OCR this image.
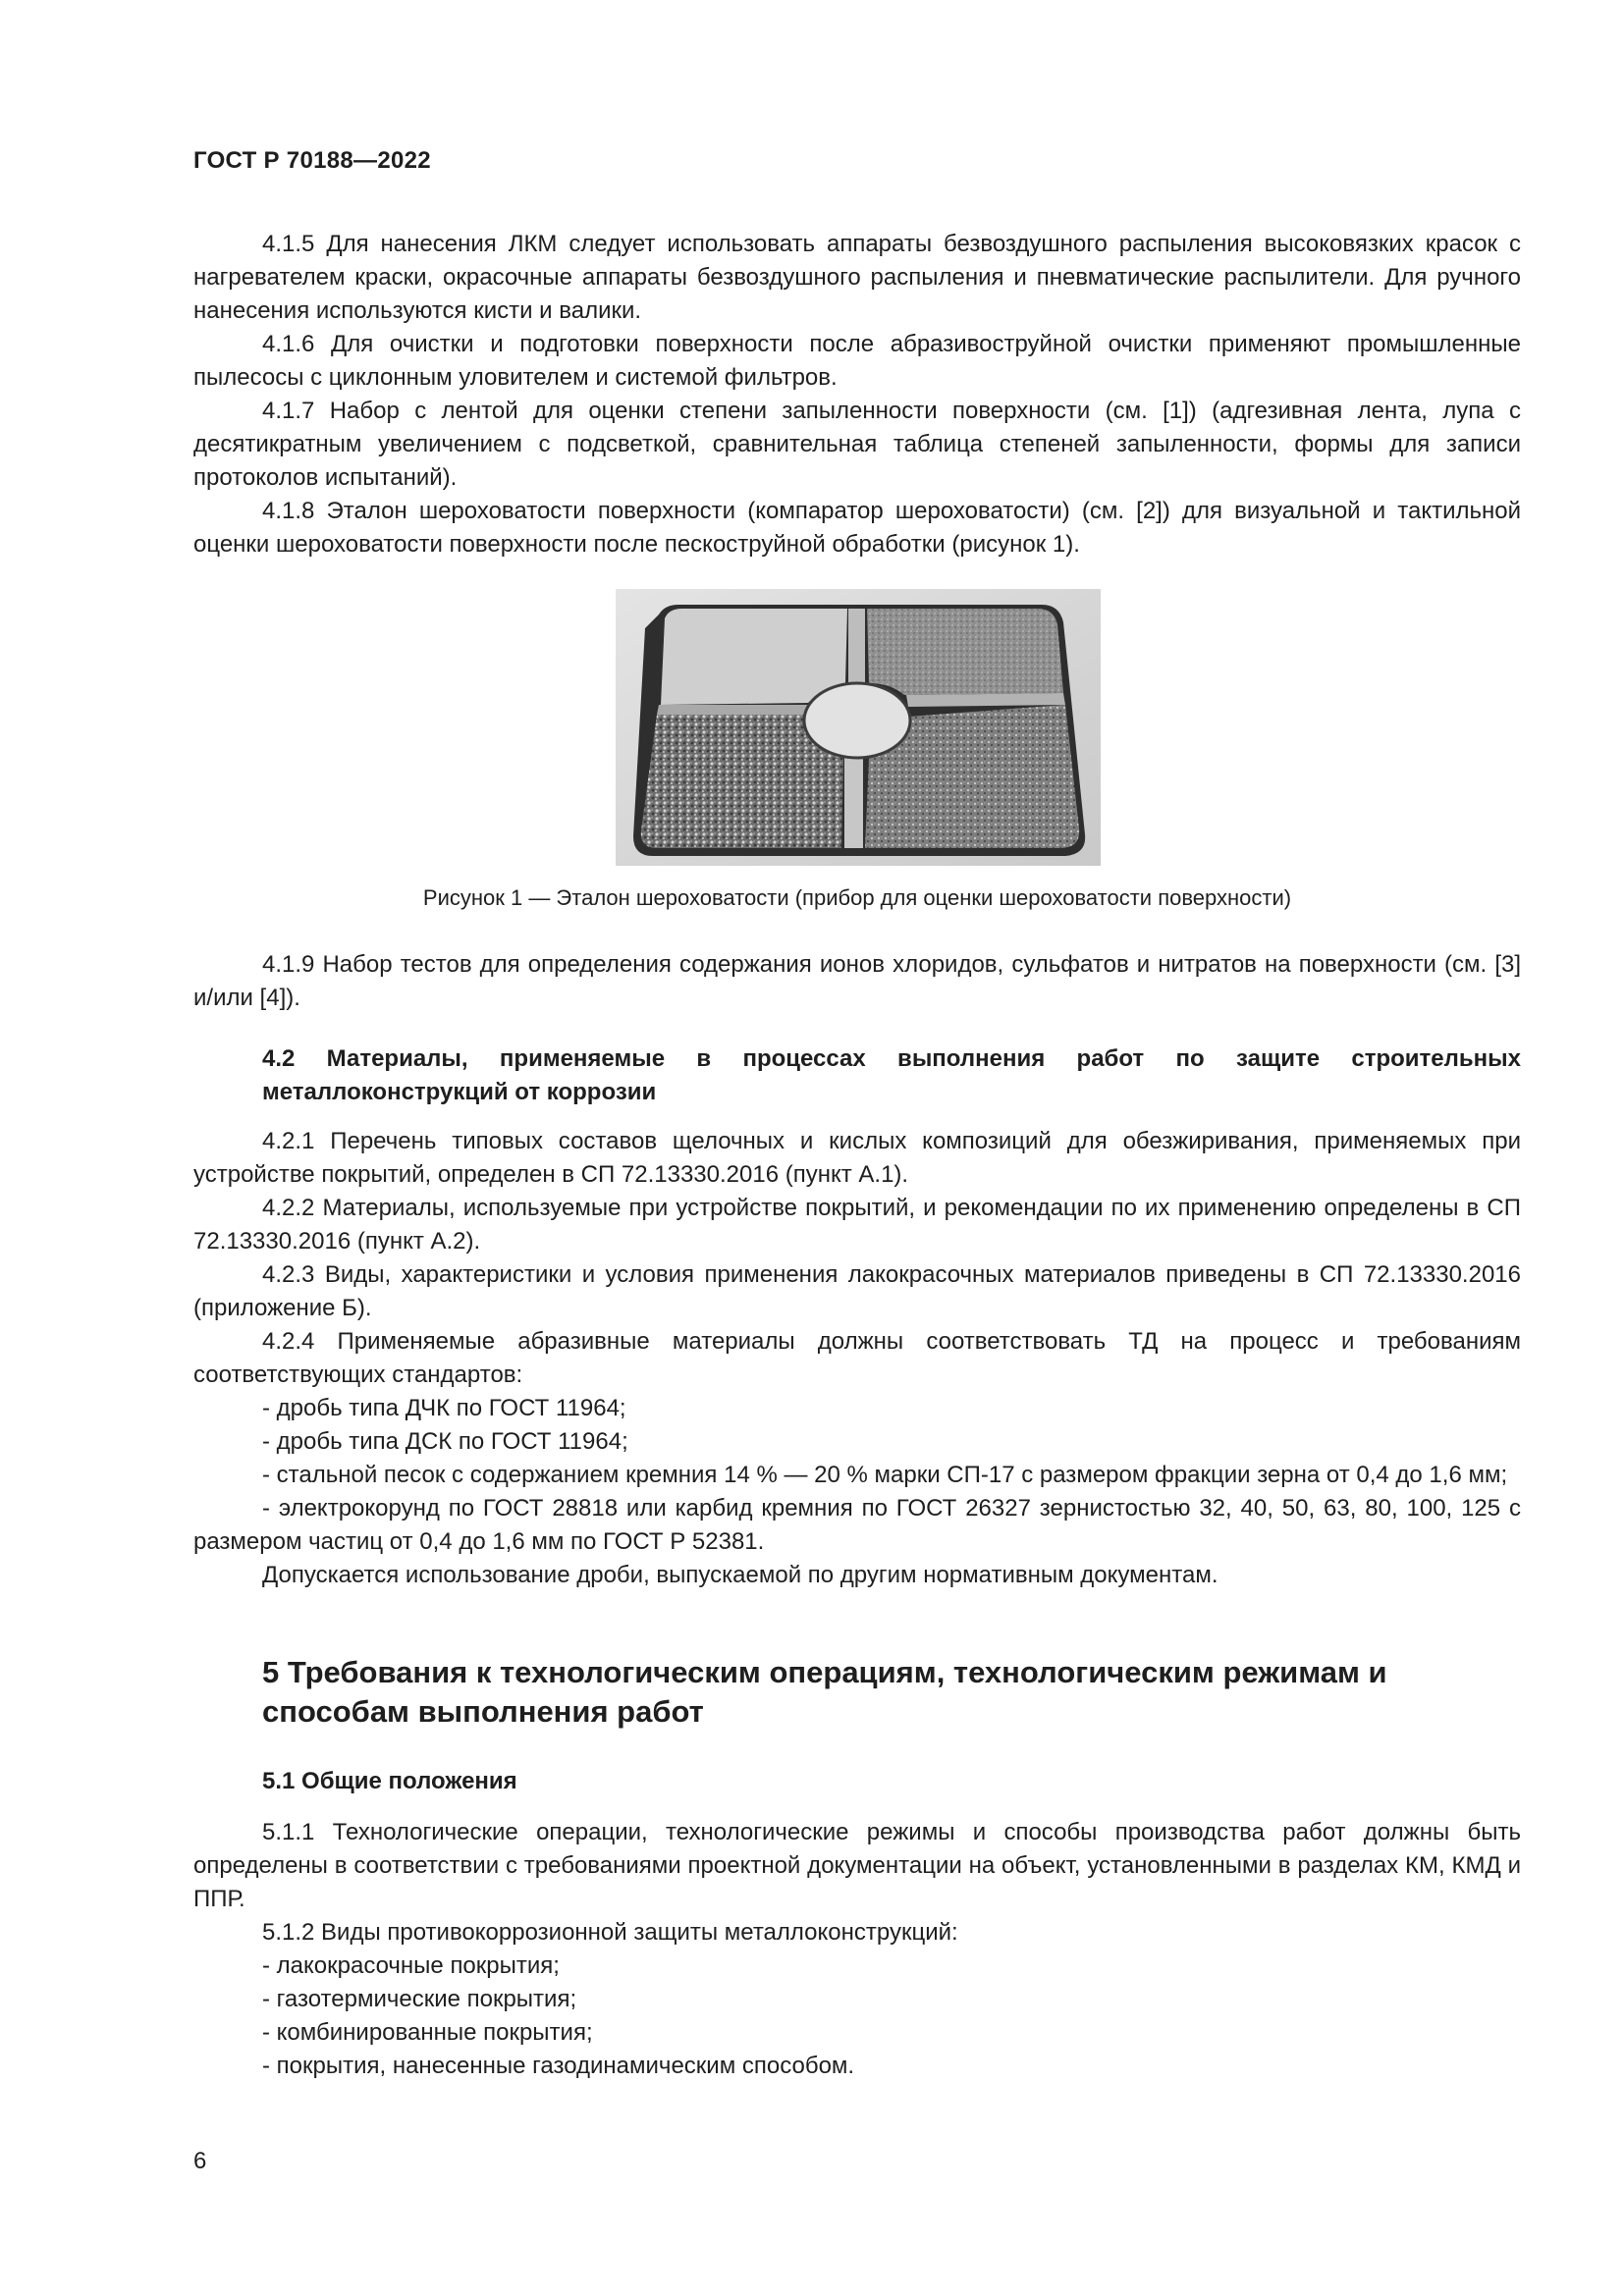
ГОСТ Р 70188—2022

4.1.5 Для нанесения ЛКМ следует использовать аппараты безвоздушного распыления высоковязких красок с нагревателем краски, окрасочные аппараты безвоздушного распыления и пневматические распылители. Для ручного нанесения используются кисти и валики.

4.1.6 Для очистки и подготовки поверхности после абразивоструйной очистки применяют промышленные пылесосы с циклонным уловителем и системой фильтров.

4.1.7 Набор с лентой для оценки степени запыленности поверхности (см. [1]) (адгезивная лента, лупа с десятикратным увеличением с подсветкой, сравнительная таблица степеней запыленности, формы для записи протоколов испытаний).

4.1.8 Эталон шероховатости поверхности (компаратор шероховатости) (см. [2]) для визуальной и тактильной оценки шероховатости поверхности после пескоструйной обработки (рисунок 1).

Рисунок 1 — Эталон шероховатости (прибор для оценки шероховатости поверхности)

4.1.9 Набор тестов для определения содержания ионов хлоридов, сульфатов и нитратов на поверхности (см. [3] и/или [4]).

4.2 Материалы, применяемые в процессах выполнения работ по защите строительных металлоконструкций от коррозии

4.2.1 Перечень типовых составов щелочных и кислых композиций для обезжиривания, применяемых при устройстве покрытий, определен в СП 72.13330.2016 (пункт А.1).

4.2.2 Материалы, используемые при устройстве покрытий, и рекомендации по их применению определены в СП 72.13330.2016 (пункт А.2).

4.2.3 Виды, характеристики и условия применения лакокрасочных материалов приведены в СП 72.13330.2016 (приложение Б).

4.2.4 Применяемые абразивные материалы должны соответствовать ТД на процесс и требованиям соответствующих стандартов:

- дробь типа ДЧК по ГОСТ 11964;

- дробь типа ДСК по ГОСТ 11964;

- стальной песок с содержанием кремния 14 % — 20 % марки СП-17 с размером фракции зерна от 0,4 до 1,6 мм;

- электрокорунд по ГОСТ 28818 или карбид кремния по ГОСТ 26327 зернистостью 32, 40, 50, 63, 80, 100, 125 с размером частиц от 0,4 до 1,6 мм по ГОСТ Р 52381.

Допускается использование дроби, выпускаемой по другим нормативным документам.

5 Требования к технологическим операциям, технологическим режимам и способам выполнения работ
5.1 Общие положения

5.1.1 Технологические операции, технологические режимы и способы производства работ должны быть определены в соответствии с требованиями проектной документации на объект, установленными в разделах КМ, КМД и ППР.

5.1.2 Виды противокоррозионной защиты металлоконструкций:

- лакокрасочные покрытия;

- газотермические покрытия;

- комбинированные покрытия;

- покрытия, нанесенные газодинамическим способом.

6
